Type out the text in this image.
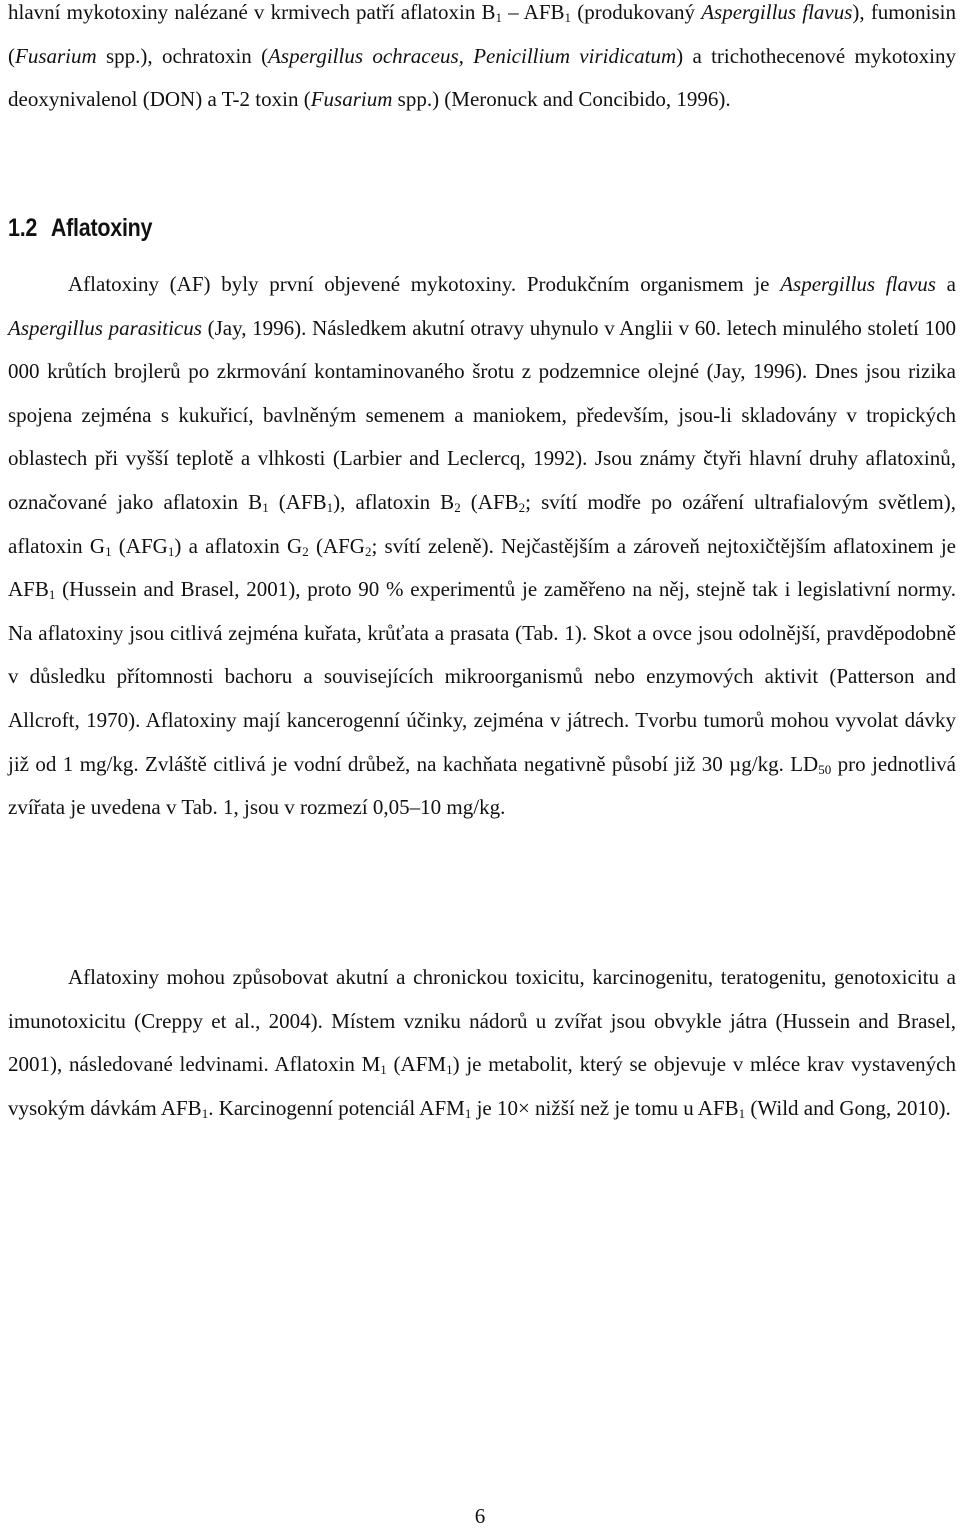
hlavní mykotoxiny nalézané v krmivech patří aflatoxin $B_1 - AFB_1$ (produkovaný Aspergillus flavus), fumonisin (Fusarium spp.), ochratoxin (Aspergillus ochraceus, Penicillium viridicatum) a trichothecenové mykotoxiny deoxynivalenol (DON) a T-2 toxin (Fusarium spp.) (Meronuck and Concibido, 1996).

1.2 Aflatoxiny

Aflatoxiny (AF) byly první objevené mykotoxiny. Produkčním organismem je Aspergillus flavus a Aspergillus parasiticus (Jay, 1996). Následkem akutní otravy uhynulo v Anglii v 60. letech minulého století 100 000 krůtích brojlerů po zkrmování kontaminovaného šrotu z podzemnice olejné (Jay, 1996). Dnes jsou rizika spojena zejména s kukuřicí, bavlněným semenem a maniokem, především, jsou-li skladovány v tropických oblastech při vyšší teplotě a vlhkosti (Larbier and Leclercq, 1992). Jsou známy čtyři hlavní druhy aflatoxinů, označované jako aflatoxin $B_1$ $(AFB_1)$, aflatoxin $B_2$ ($AFB_2$; svítí modře po ozáření ultrafialovým světlem), aflatoxin $G_1$ $(AFG_1)$ a aflatoxin $G_2$ ($AFG_2$; svítí zeleně). Nejčastějším a zároveň nejtoxičtějším aflatoxinem je $AFB_1$ (Hussein and Brasel, 2001), proto 90 % experimentů je zaměřeno na něj, stejně tak i legislativní normy. Na aflatoxiny jsou citlivá zejména kuřata, krůťata a prasata (Tab. 1). Skot a ovce jsou odolnější, pravděpodobně v důsledku přítomnosti bachoru a souvisejících mikroorganismů nebo enzymových aktivit (Patterson and Allcroft, 1970). Aflatoxiny mají kancerogenní účinky, zejména v játrech. Tvorbu tumorů mohou vyvolat dávky již od 1 mg/kg. Zvláště citlivá je vodní drůbež, na kachňata negativně působí již 30 µg/kg. $LD_{50}$ pro jednotlivá zvířata je uvedena v Tab. 1, jsou v rozmezí 0,05–10 mg/kg.

Aflatoxiny mohou způsobovat akutní a chronickou toxicitu, karcinogenitu, teratogenitu, genotoxicitu a imunotoxicitu (Creppy et al., 2004). Místem vzniku nádorů u zvířat jsou obvykle játra (Hussein and Brasel, 2001), následované ledvinami. Aflatoxin $M_1$ $(AFM_1)$ je metabolit, který se objevuje v mléce krav vystavených vysokým dávkám $AFB_1$. Karcinogenní potenciál $AFM_1$ je 10× nižší než je tomu u $AFB_1$ (Wild and Gong, 2010).

6
